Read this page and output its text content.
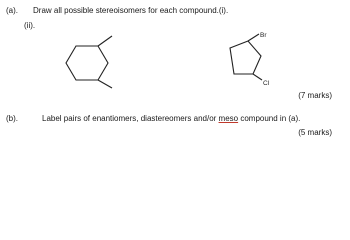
(a). Draw all possible stereoisomers for each compound.(i).
(ii).
Br
Cl
(7 marks)
(b).	Label pairs of enantiomers, diastereomers and/or meso compound in (a).
(5 marks)
